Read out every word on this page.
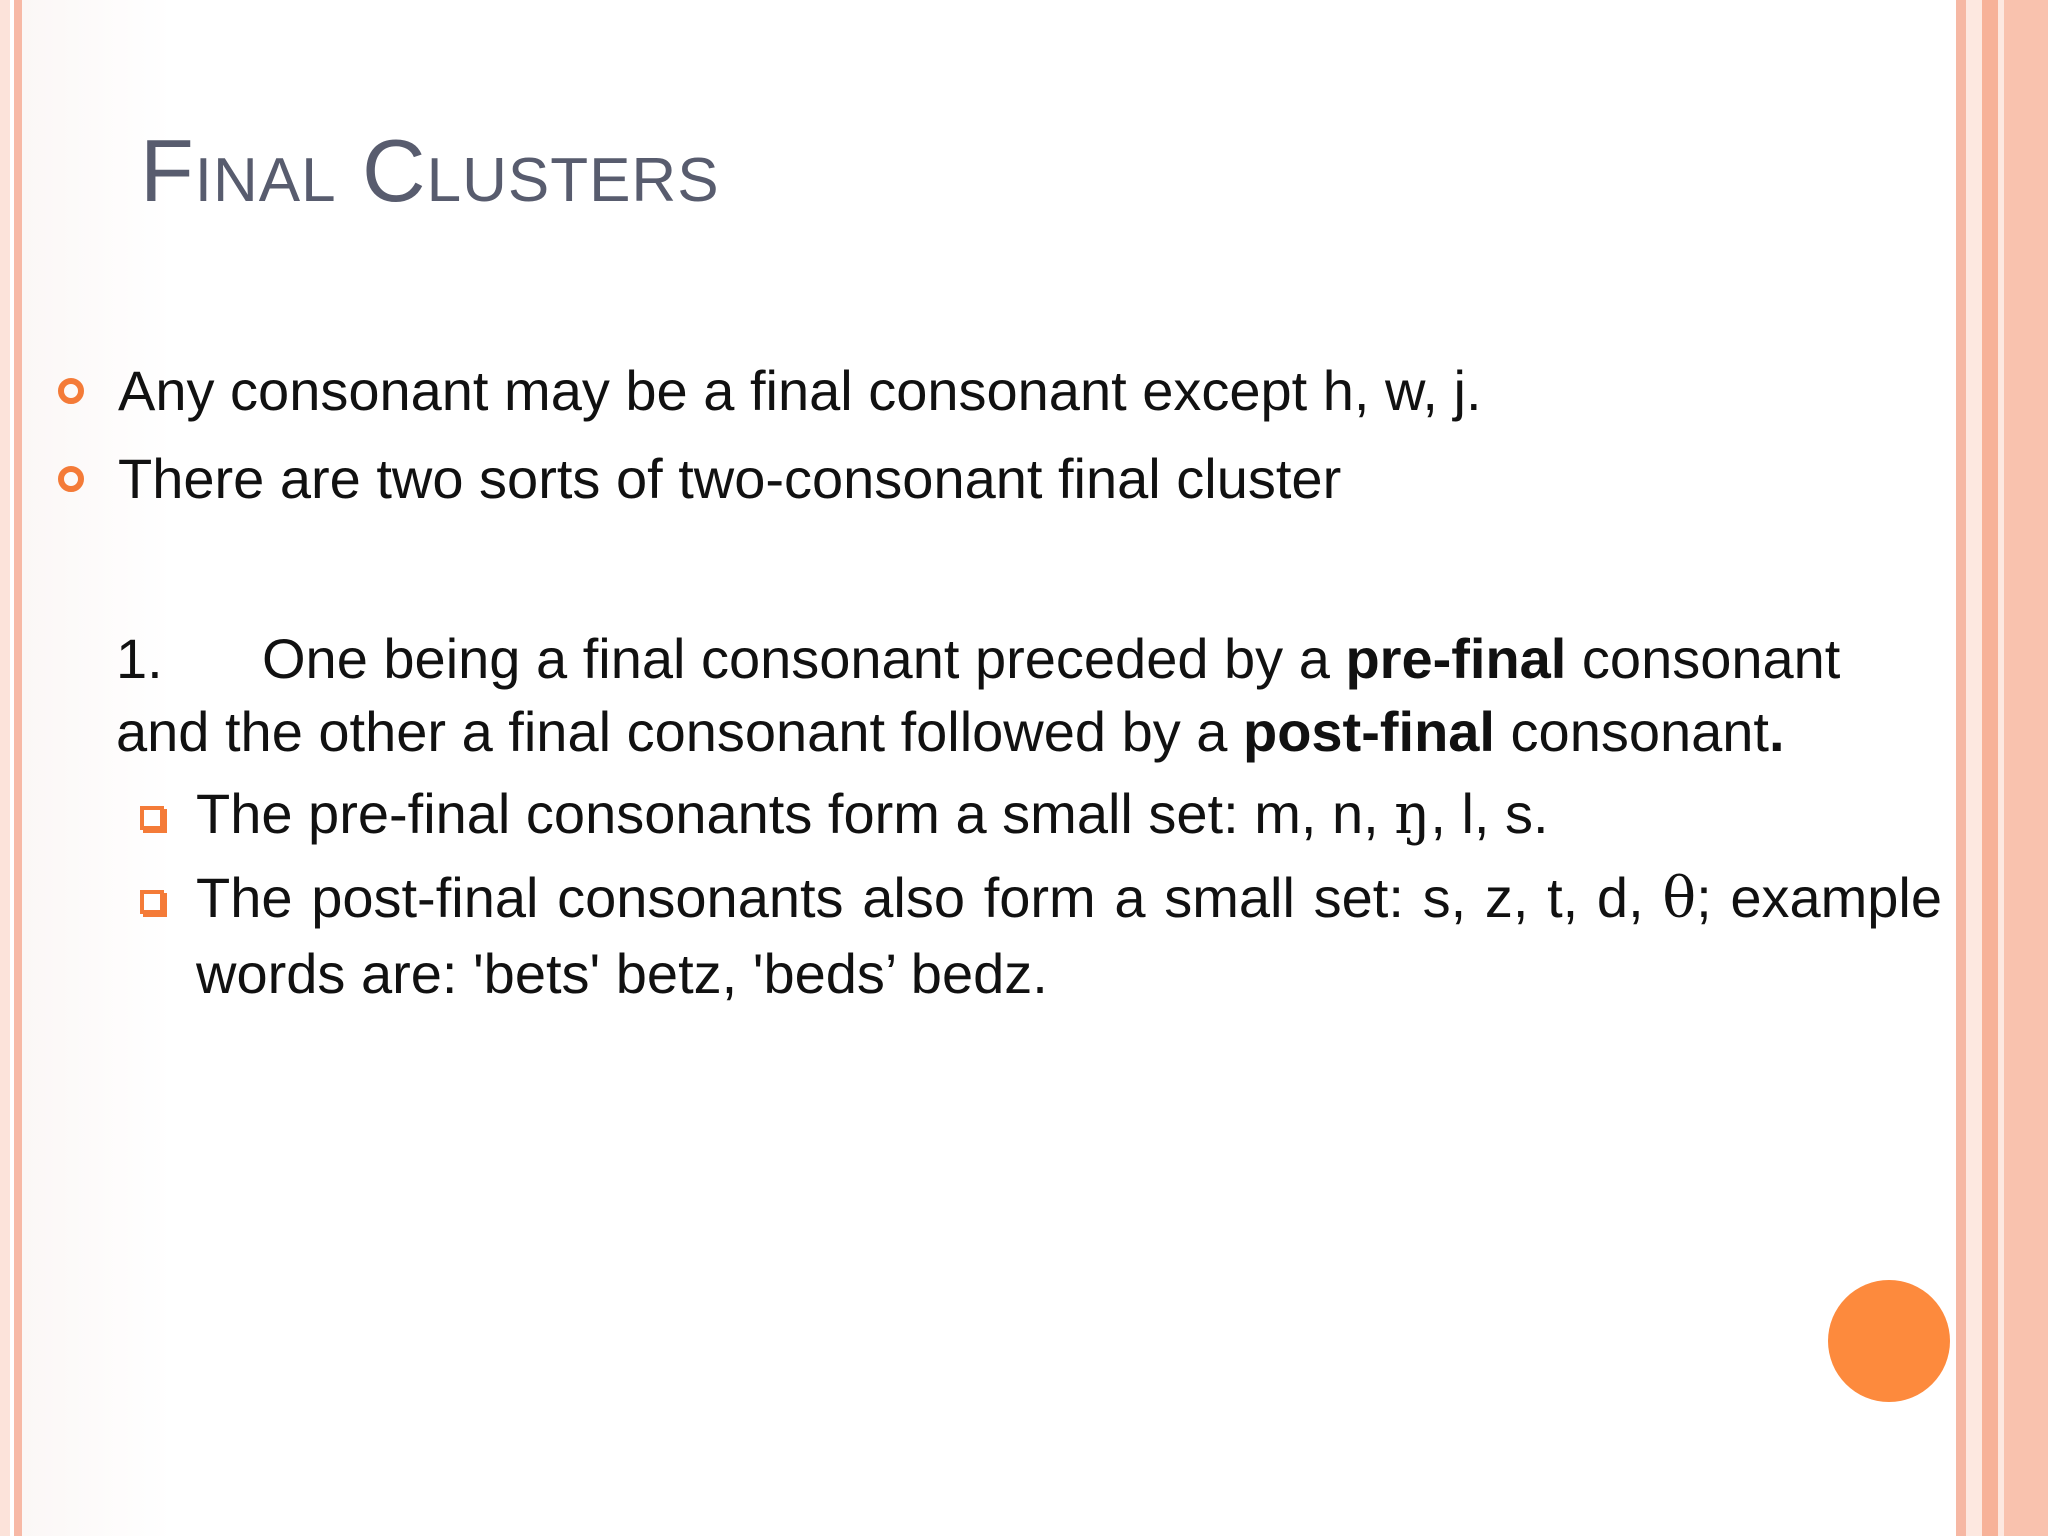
Final Clusters
Any consonant may be a final consonant except h, w, j.
There are two sorts of two-consonant final cluster
1. One being a final consonant preceded by a pre-final consonant and the other a final consonant followed by a post-final consonant.
The pre-final consonants form a small set: m, n, ŋ, l, s.
The post-final consonants also form a small set: s, z, t, d, θ; example words are: 'bets' betz, 'beds’ bedz.
